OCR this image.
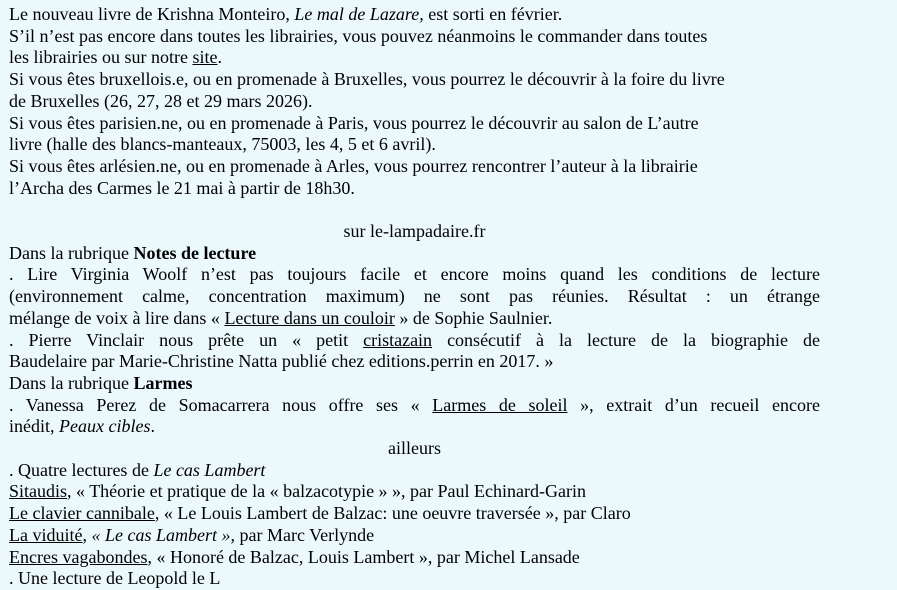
Le nouveau livre de Krishna Monteiro, Le mal de Lazare, est sorti en février.
S’il n’est pas encore dans toutes les librairies, vous pouvez néanmoins le commander dans toutes
les librairies ou sur notre site.
Si vous êtes bruxellois.e, ou en promenade à Bruxelles, vous pourrez le découvrir à la foire du livre
de Bruxelles (26, 27, 28 et 29 mars 2026).
Si vous êtes parisien.ne, ou en promenade à Paris, vous pourrez le découvrir au salon de L’autre
livre (halle des blancs-manteaux, 75003, les 4, 5 et 6 avril).
Si vous êtes arlésien.ne, ou en promenade à Arles, vous pourrez rencontrer l’auteur à la librairie
l’Archa des Carmes le 21 mai à partir de 18h30.

sur le-lampadaire.fr
Dans la rubrique Notes de lecture
. Lire Virginia Woolf n’est pas toujours facile et encore moins quand les conditions de lecture
(environnement calme, concentration maximum) ne sont pas réunies. Résultat : un étrange
mélange de voix à lire dans « Lecture dans un couloir » de Sophie Saulnier.
. Pierre Vinclair nous prête un « petit cristazain consécutif à la lecture de la biographie de
Baudelaire par Marie-Christine Natta publié chez editions.perrin en 2017. »
Dans la rubrique Larmes
. Vanessa Perez de Somacarrera nous offre ses « Larmes de soleil », extrait d’un recueil encore
inédit, Peaux cibles.
ailleurs
. Quatre lectures de Le cas Lambert
Sitaudis, « Théorie et pratique de la « balzacotypie » », par Paul Echinard-Garin
Le clavier cannibale, « Le Louis Lambert de Balzac: une oeuvre traversée », par Claro
La viduité, « Le cas Lambert », par Marc Verlynde
Encres vagabondes, « Honoré de Balzac, Louis Lambert », par Michel Lansade
. Une lecture de Leopold le L
